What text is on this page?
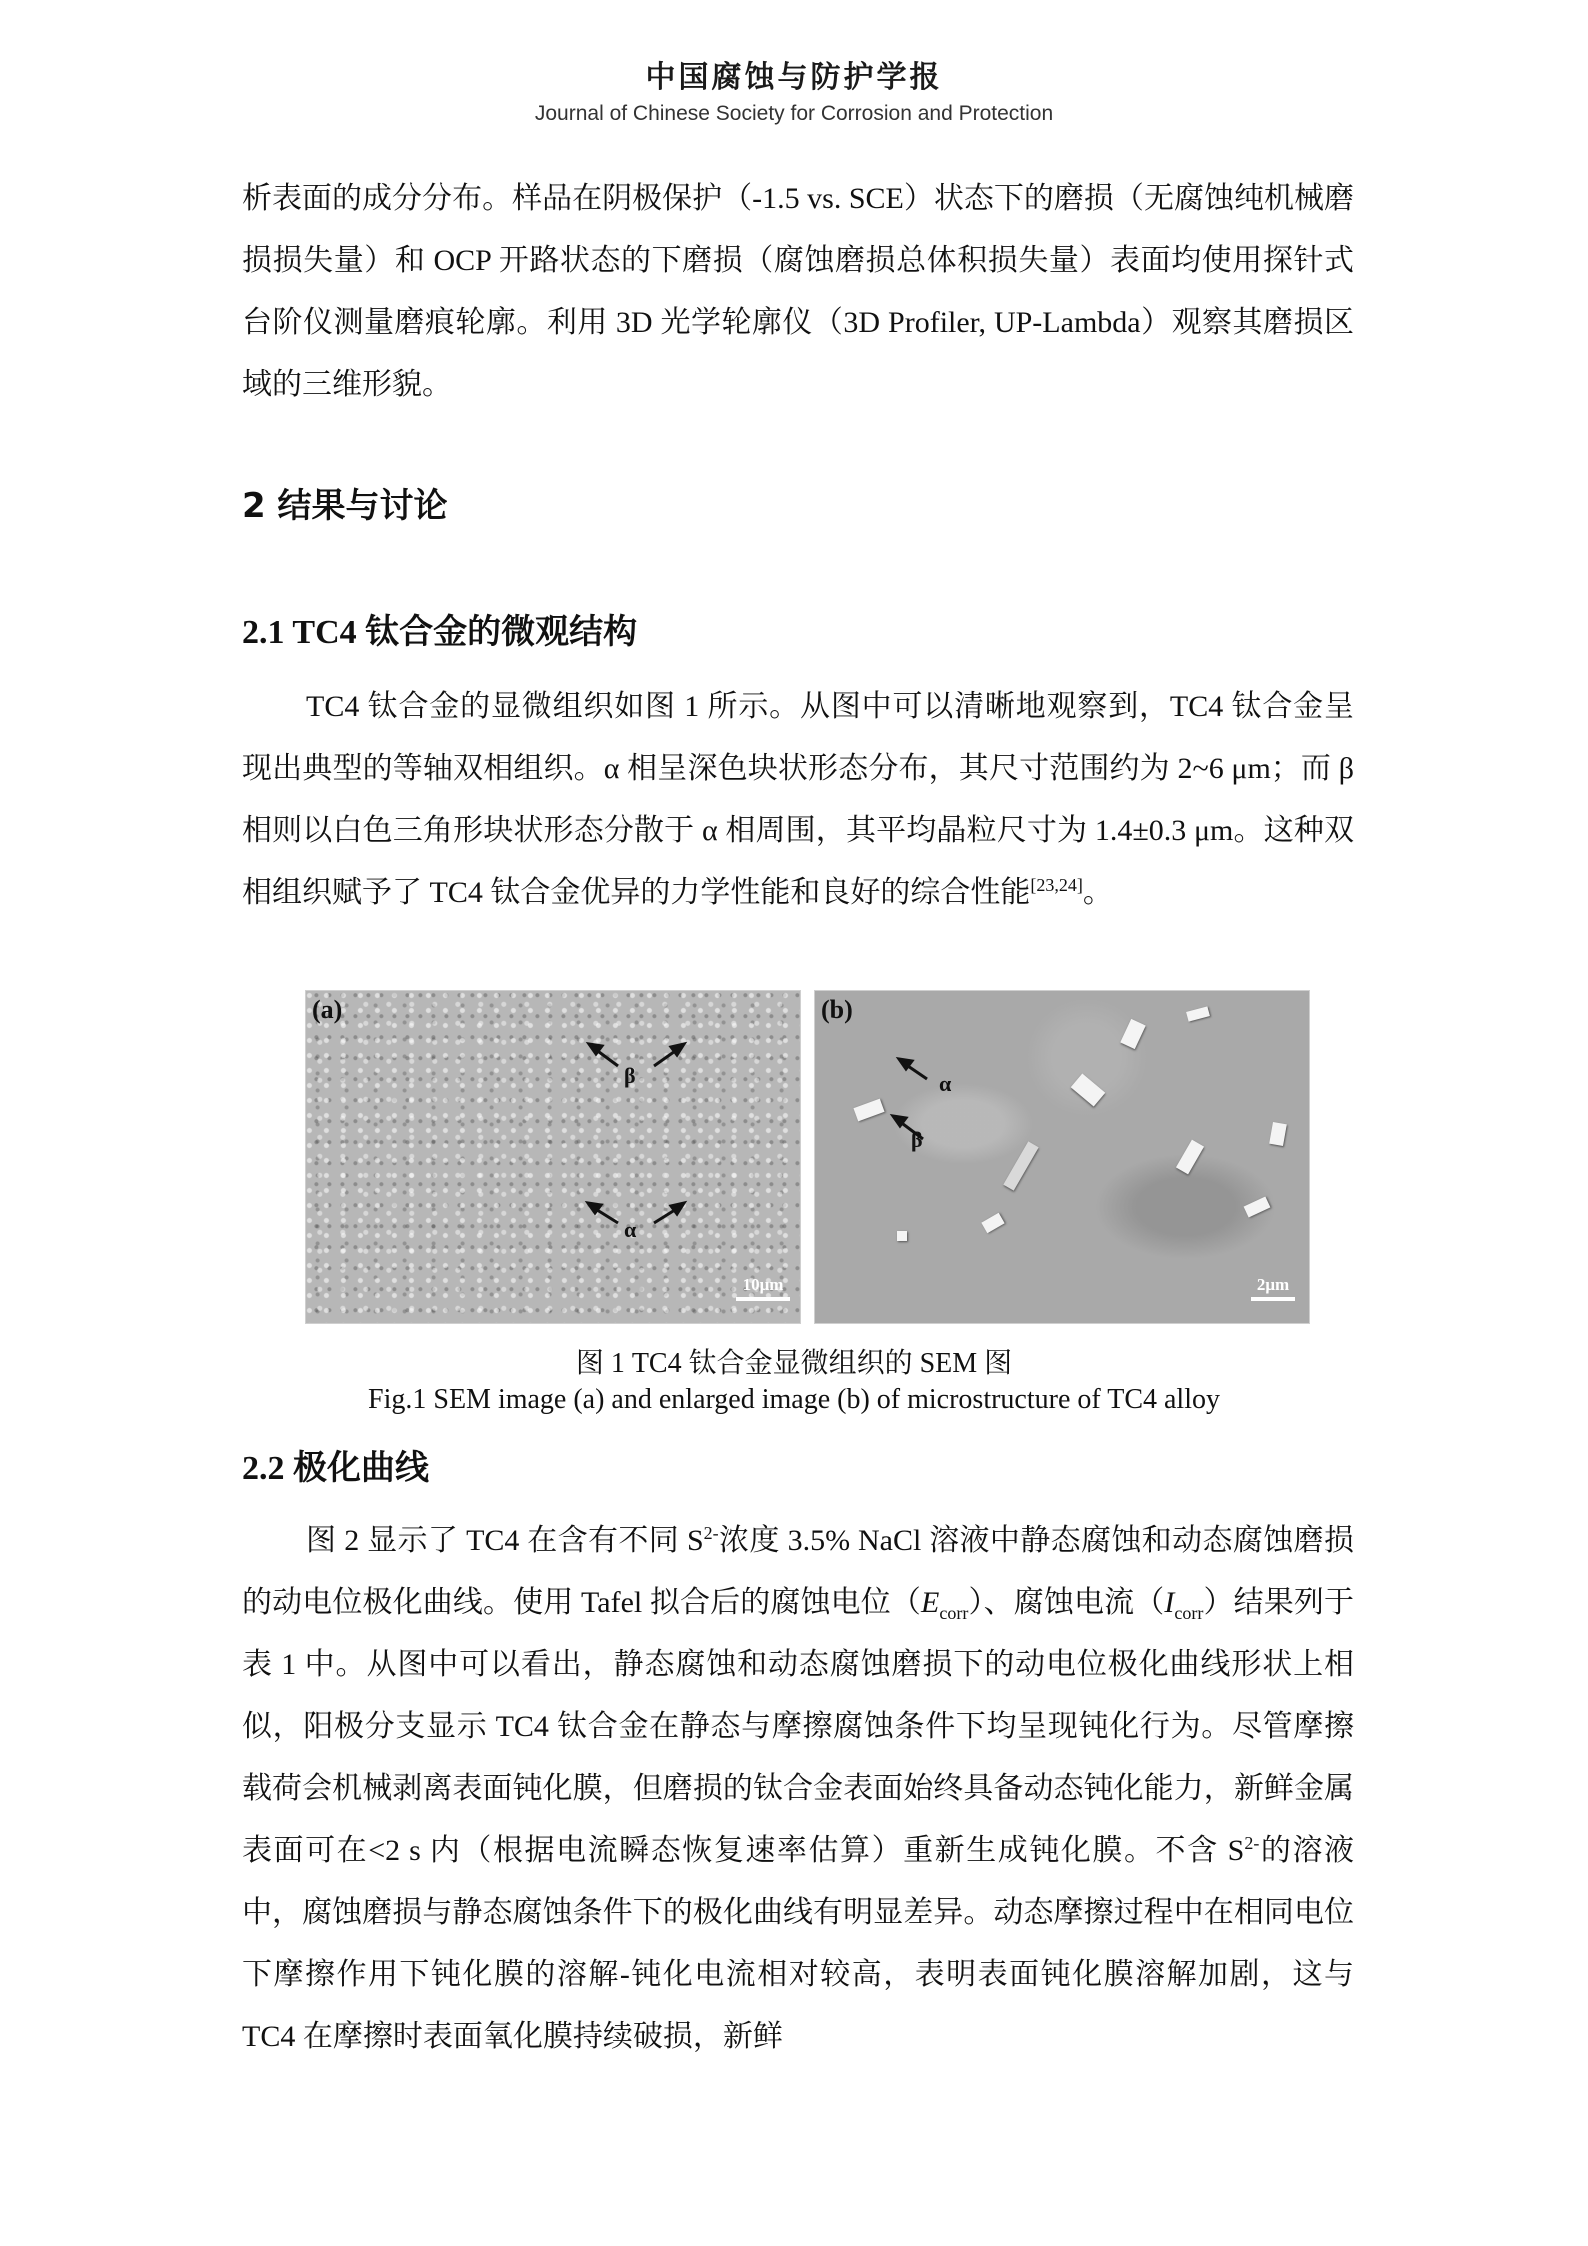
中国腐蚀与防护学报
Journal of Chinese Society for Corrosion and Protection

析表面的成分分布。样品在阴极保护（-1.5 vs. SCE）状态下的磨损（无腐蚀纯机械磨损损失量）和 OCP 开路状态的下磨损（腐蚀磨损总体积损失量）表面均使用探针式台阶仪测量磨痕轮廓。利用 3D 光学轮廓仪（3D Profiler, UP-Lambda）观察其磨损区域的三维形貌。

2 结果与讨论
2.1 TC4 钛合金的微观结构

TC4 钛合金的显微组织如图 1 所示。从图中可以清晰地观察到，TC4 钛合金呈现出典型的等轴双相组织。α 相呈深色块状形态分布，其尺寸范围约为 2~6 μm；而 β 相则以白色三角形块状形态分散于 α 相周围，其平均晶粒尺寸为 1.4±0.3 μm。这种双相组织赋予了 TC4 钛合金优异的力学性能和良好的综合性能[23,24]。

(a)
β
α
10μm
(b)
α
β
2μm
图 1 TC4 钛合金显微组织的 SEM 图
Fig.1 SEM image (a) and enlarged image (b) of microstructure of TC4 alloy
2.2 极化曲线

图 2 显示了 TC4 在含有不同 $S^{2-}$浓度 3.5% NaCl 溶液中静态腐蚀和动态腐蚀磨损的动电位极化曲线。使用 Tafel 拟合后的腐蚀电位$(E_{corr})$、腐蚀电流$(I_{corr})$结果列于表 1 中。从图中可以看出，静态腐蚀和动态腐蚀磨损下的动电位极化曲线形状上相似，阳极分支显示 TC4 钛合金在静态与摩擦腐蚀条件下均呈现钝化行为。尽管摩擦载荷会机械剥离表面钝化膜，但磨损的钛合金表面始终具备动态钝化能力，新鲜金属表面可在<2 s 内（根据电流瞬态恢复速率估算）重新生成钝化膜。不含 $S^{2-}$的溶液中，腐蚀磨损与静态腐蚀条件下的极化曲线有明显差异。动态摩擦过程中在相同电位下摩擦作用下钝化膜的溶解-钝化电流相对较高，表明表面钝化膜溶解加剧，这与 TC4 在摩擦时表面氧化膜持续破损，新鲜
